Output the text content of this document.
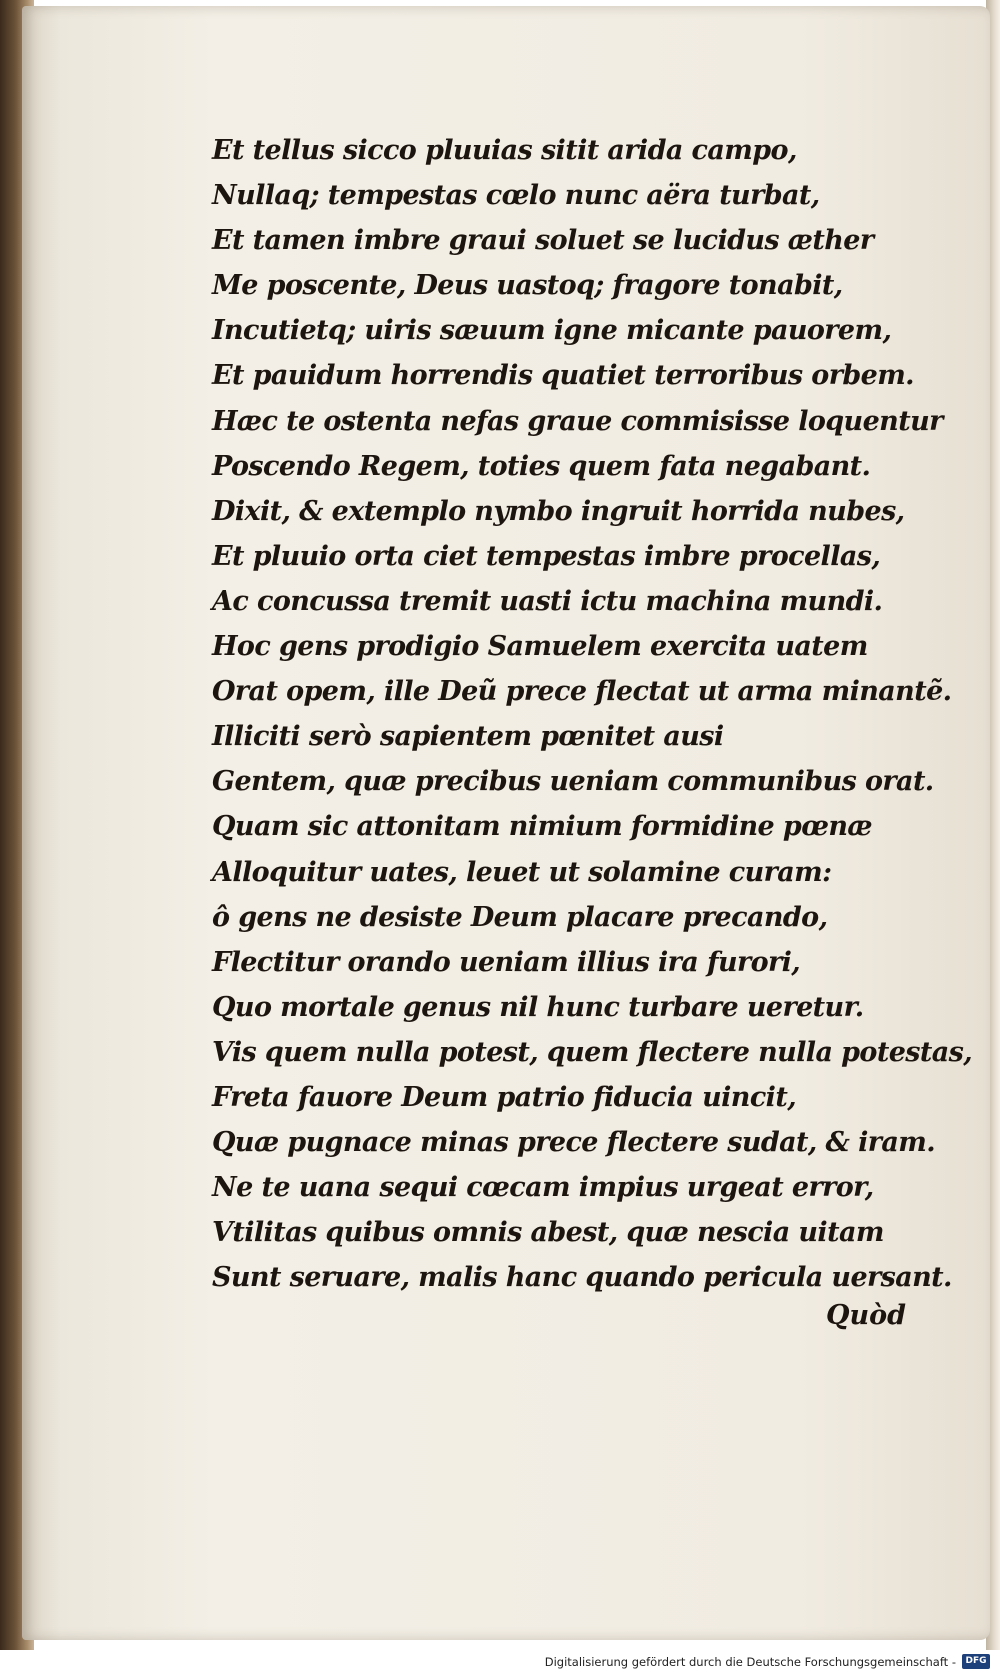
Et tellus sicco pluuias sitit arida campo,
Nullaq; tempestas cœlo nunc aëra turbat,
Et tamen imbre graui soluet se lucidus æther
Me poscente, Deus uastoq; fragore tonabit,
Incutietq; uiris sæuum igne micante pauorem,
Et pauidum horrendis quatiet terroribus orbem.
Hæc te ostenta nefas graue commisisse loquentur
Poscendo Regem, toties quem fata negabant.
Dixit, & extemplo nymbo ingruit horrida nubes,
Et pluuio orta ciet tempestas imbre procellas,
Ac concussa tremit uasti ictu machina mundi.
Hoc gens prodigio Samuelem exercita uatem
Orat opem, ille Deũ prece flectat ut arma minantẽ.
Illiciti serò sapientem pœnitet ausi
Gentem, quæ precibus ueniam communibus orat.
Quam sic attonitam nimium formidine pœnæ
Alloquitur uates, leuet ut solamine curam:
ô gens ne desiste Deum placare precando,
Flectitur orando ueniam illius ira furori,
Quo mortale genus nil hunc turbare ueretur.
Vis quem nulla potest, quem flectere nulla potestas,
Freta fauore Deum patrio fiducia uincit,
Quæ pugnace minas prece flectere sudat, & iram.
Ne te uana sequi cœcam impius urgeat error,
Vtilitas quibus omnis abest, quæ nescia uitam
Sunt seruare, malis hanc quando pericula uersant.
Quòd
Digitalisierung gefördert durch die Deutsche Forschungsgemeinschaft -	DFG
